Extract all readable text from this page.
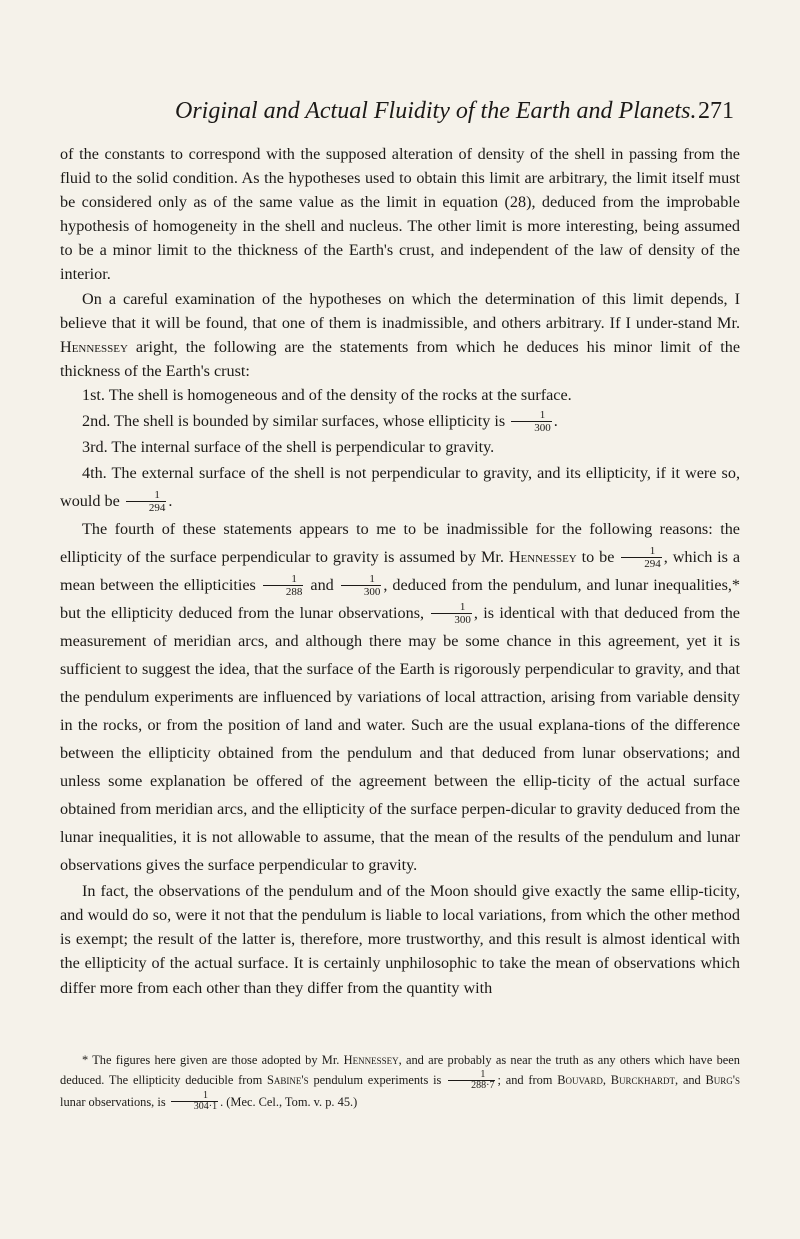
Original and Actual Fluidity of the Earth and Planets. 271

of the constants to correspond with the supposed alteration of density of the shell in passing from the fluid to the solid condition. As the hypotheses used to obtain this limit are arbitrary, the limit itself must be considered only as of the same value as the limit in equation (28), deduced from the improbable hypothesis of homogeneity in the shell and nucleus. The other limit is more interesting, being assumed to be a minor limit to the thickness of the Earth's crust, and independent of the law of density of the interior.

On a careful examination of the hypotheses on which the determination of this limit depends, I believe that it will be found, that one of them is inadmissible, and others arbitrary. If I under-stand Mr. Hennessey aright, the following are the statements from which he deduces his minor limit of the thickness of the Earth's crust:

1st. The shell is homogeneous and of the density of the rocks at the surface.

2nd. The shell is bounded by similar surfaces, whose ellipticity is $\frac{1}{300}$ .

3rd. The internal surface of the shell is perpendicular to gravity.

4th. The external surface of the shell is not perpendicular to gravity, and its ellipticity, if it were so, would be $\frac{1}{294}$ .

The fourth of these statements appears to me to be inadmissible for the following reasons: the ellipticity of the surface perpendicular to gravity is assumed by Mr. Hennessey to be $\frac{1}{294}$ , which is a mean between the ellipticities $\frac{1}{288}$ and $\frac{1}{300}$ , deduced from the pendulum, and lunar inequalities,* but the ellipticity deduced from the lunar observations, $\frac{1}{300}$ , is identical with that deduced from the measurement of meridian arcs, and although there may be some chance in this agreement, yet it is sufficient to suggest the idea, that the surface of the Earth is rigorously perpendicular to gravity, and that the pendulum experiments are influenced by variations of local attraction, arising from variable density in the rocks, or from the position of land and water. Such are the usual explana-tions of the difference between the ellipticity obtained from the pendulum and that deduced from lunar observations; and unless some explanation be offered of the agreement between the ellip-ticity of the actual surface obtained from meridian arcs, and the ellipticity of the surface perpen-dicular to gravity deduced from the lunar inequalities, it is not allowable to assume, that the mean of the results of the pendulum and lunar observations gives the surface perpendicular to gravity.

In fact, the observations of the pendulum and of the Moon should give exactly the same ellip-ticity, and would do so, were it not that the pendulum is liable to local variations, from which the other method is exempt; the result of the latter is, therefore, more trustworthy, and this result is almost identical with the ellipticity of the actual surface. It is certainly unphilosophic to take the mean of observations which differ more from each other than they differ from the quantity with

* The figures here given are those adopted by Mr. Hennessey, and are probably as near the truth as any others which have been deduced. The ellipticity deducible from Sabine's pendulum experiments is $\frac{1}{288\cdot 7}$ ; and from Bouvard, Burckhardt, and Burg's lunar observations, is $\frac{1}{304\cdot 1}$ . (Mec. Cel., Tom. v. p. 45.)
